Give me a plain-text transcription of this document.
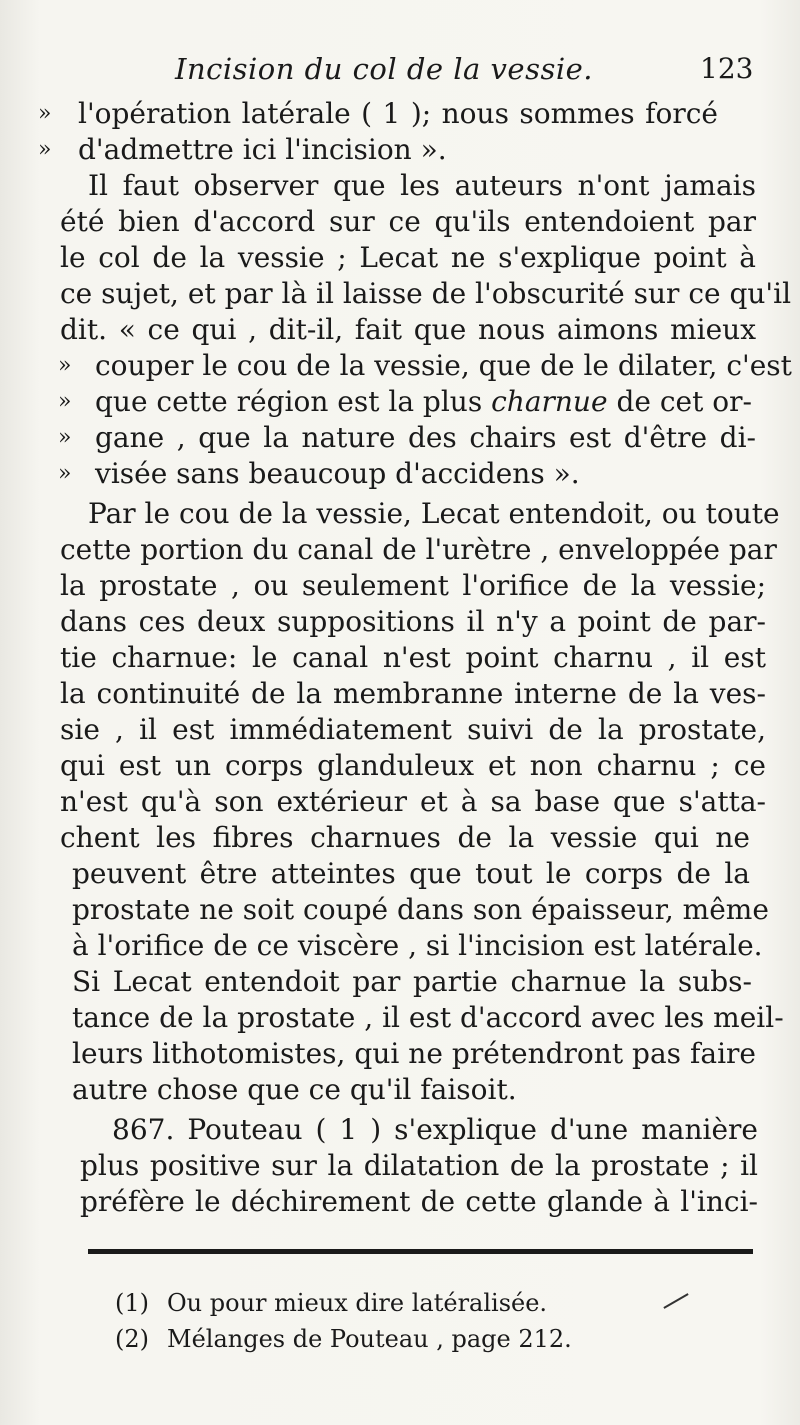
Incision du col de la vessie.	123
»
»
»
»
»
»
l'opération latérale ( 1 ); nous sommes forcé
d'admettre ici l'incision ».
Il faut observer que les auteurs n'ont jamais
été bien d'accord sur ce qu'ils entendoient par
le col de la vessie ; Lecat ne s'explique point à
ce sujet, et par là il laisse de l'obscurité sur ce qu'il
dit. « ce qui , dit-il, fait que nous aimons mieux
couper le cou de la vessie, que de le dilater, c'est
que cette région est la plus charnue de cet or-
gane , que la nature des chairs est d'être di-
visée sans beaucoup d'accidens ».
Par le cou de la vessie, Lecat entendoit, ou toute
cette portion du canal de l'urètre , enveloppée par
la prostate , ou seulement l'orifice de la vessie;
dans ces deux suppositions il n'y a point de par-
tie charnue: le canal n'est point charnu , il est
la continuité de la membranne interne de la ves-
sie , il est immédiatement suivi de la prostate,
qui est un corps glanduleux et non charnu ; ce
n'est qu'à son extérieur et à sa base que s'atta-
chent les fibres charnues de la vessie qui ne
peuvent être atteintes que tout le corps de la
prostate ne soit coupé dans son épaisseur, même
à l'orifice de ce viscère , si l'incision est latérale.
Si Lecat entendoit par partie charnue la subs-
tance de la prostate , il est d'accord avec les meil-
leurs lithotomistes, qui ne prétendront pas faire
autre chose que ce qu'il faisoit.
867. Pouteau ( 1 ) s'explique d'une manière
plus positive sur la dilatation de la prostate ; il
préfère le déchirement de cette glande à l'inci-
(1) Ou pour mieux dire latéralisée.
(2) Mélanges de Pouteau , page 212.
